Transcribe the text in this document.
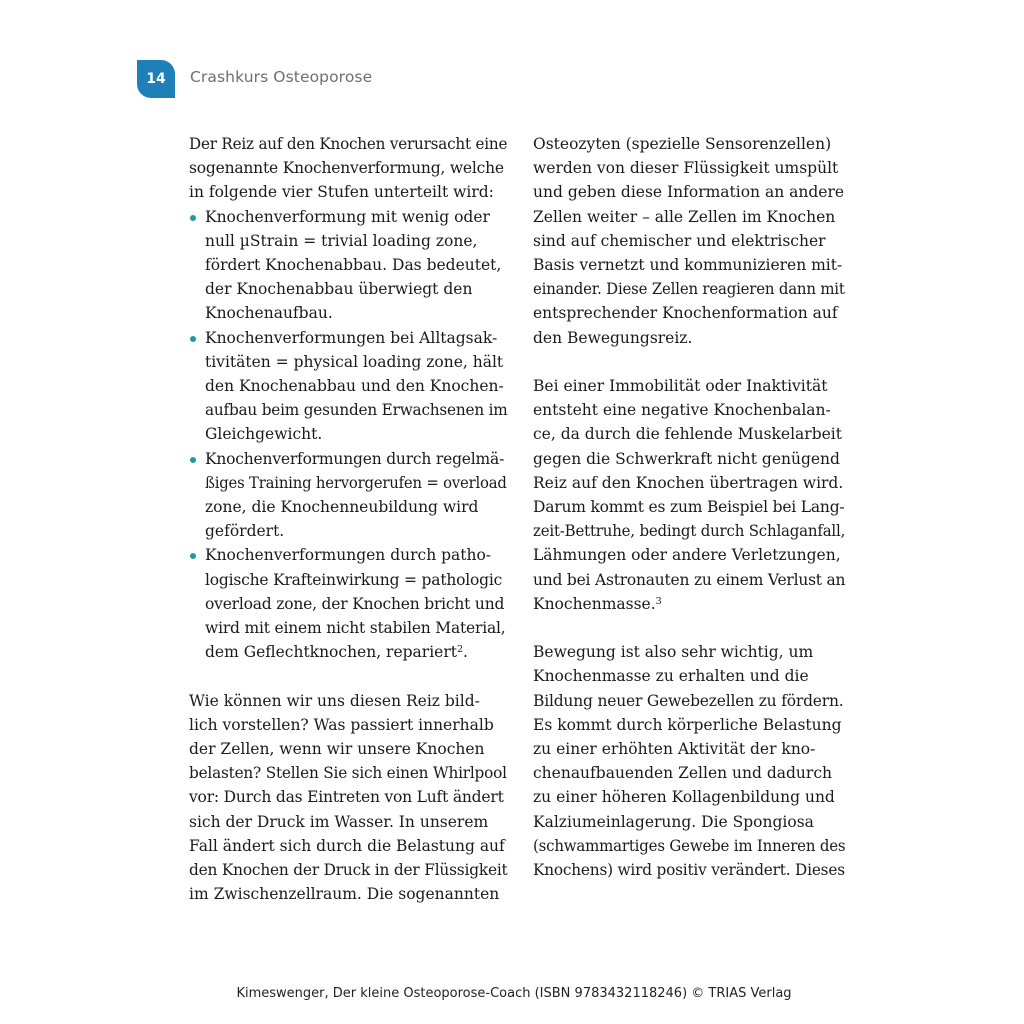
14 Crashkurs Osteoporose
Der Reiz auf den Knochen verursacht eine
sogenannte Knochenverformung, welche
in folgende vier Stufen unterteilt wird:
Knochenverformung mit wenig oder
null µStrain = trivial loading zone,
fördert Knochenabbau. Das bedeutet,
der Knochenabbau überwiegt den
Knochenaufbau.
Knochenverformungen bei Alltagsak-
tivitäten = physical loading zone, hält
den Knochenabbau und den Knochen-
aufbau beim gesunden Erwachsenen im
Gleichgewicht.
Knochenverformungen durch regelmä-
ßiges Training hervorgerufen = overload
zone, die Knochenneubildung wird
gefördert.
Knochenverformungen durch patho-
logische Krafteinwirkung = pathologic
overload zone, der Knochen bricht und
wird mit einem nicht stabilen Material,
dem Geflechtknochen, repariert$^2$.
Wie können wir uns diesen Reiz bild-
lich vorstellen? Was passiert innerhalb
der Zellen, wenn wir unsere Knochen
belasten? Stellen Sie sich einen Whirlpool
vor: Durch das Eintreten von Luft ändert
sich der Druck im Wasser. In unserem
Fall ändert sich durch die Belastung auf
den Knochen der Druck in der Flüssigkeit
im Zwischenzellraum. Die sogenannten
Osteozyten (spezielle Sensorenzellen)
werden von dieser Flüssigkeit umspült
und geben diese Information an andere
Zellen weiter – alle Zellen im Knochen
sind auf chemischer und elektrischer
Basis vernetzt und kommunizieren mit-
einander. Diese Zellen reagieren dann mit
entsprechender Knochenformation auf
den Bewegungsreiz.
Bei einer Immobilität oder Inaktivität
entsteht eine negative Knochenbalan-
ce, da durch die fehlende Muskelarbeit
gegen die Schwerkraft nicht genügend
Reiz auf den Knochen übertragen wird.
Darum kommt es zum Beispiel bei Lang-
zeit-Bettruhe, bedingt durch Schlaganfall,
Lähmungen oder andere Verletzungen,
und bei Astronauten zu einem Verlust an
Knochenmasse.$^3$
Bewegung ist also sehr wichtig, um
Knochenmasse zu erhalten und die
Bildung neuer Gewebezellen zu fördern.
Es kommt durch körperliche Belastung
zu einer erhöhten Aktivität der kno-
chenaufbauenden Zellen und dadurch
zu einer höheren Kollagenbildung und
Kalziumeinlagerung. Die Spongiosa
(schwammartiges Gewebe im Inneren des
Knochens) wird positiv verändert. Dieses
Kimeswenger, Der kleine Osteoporose-Coach (ISBN 9783432118246) © TRIAS Verlag
